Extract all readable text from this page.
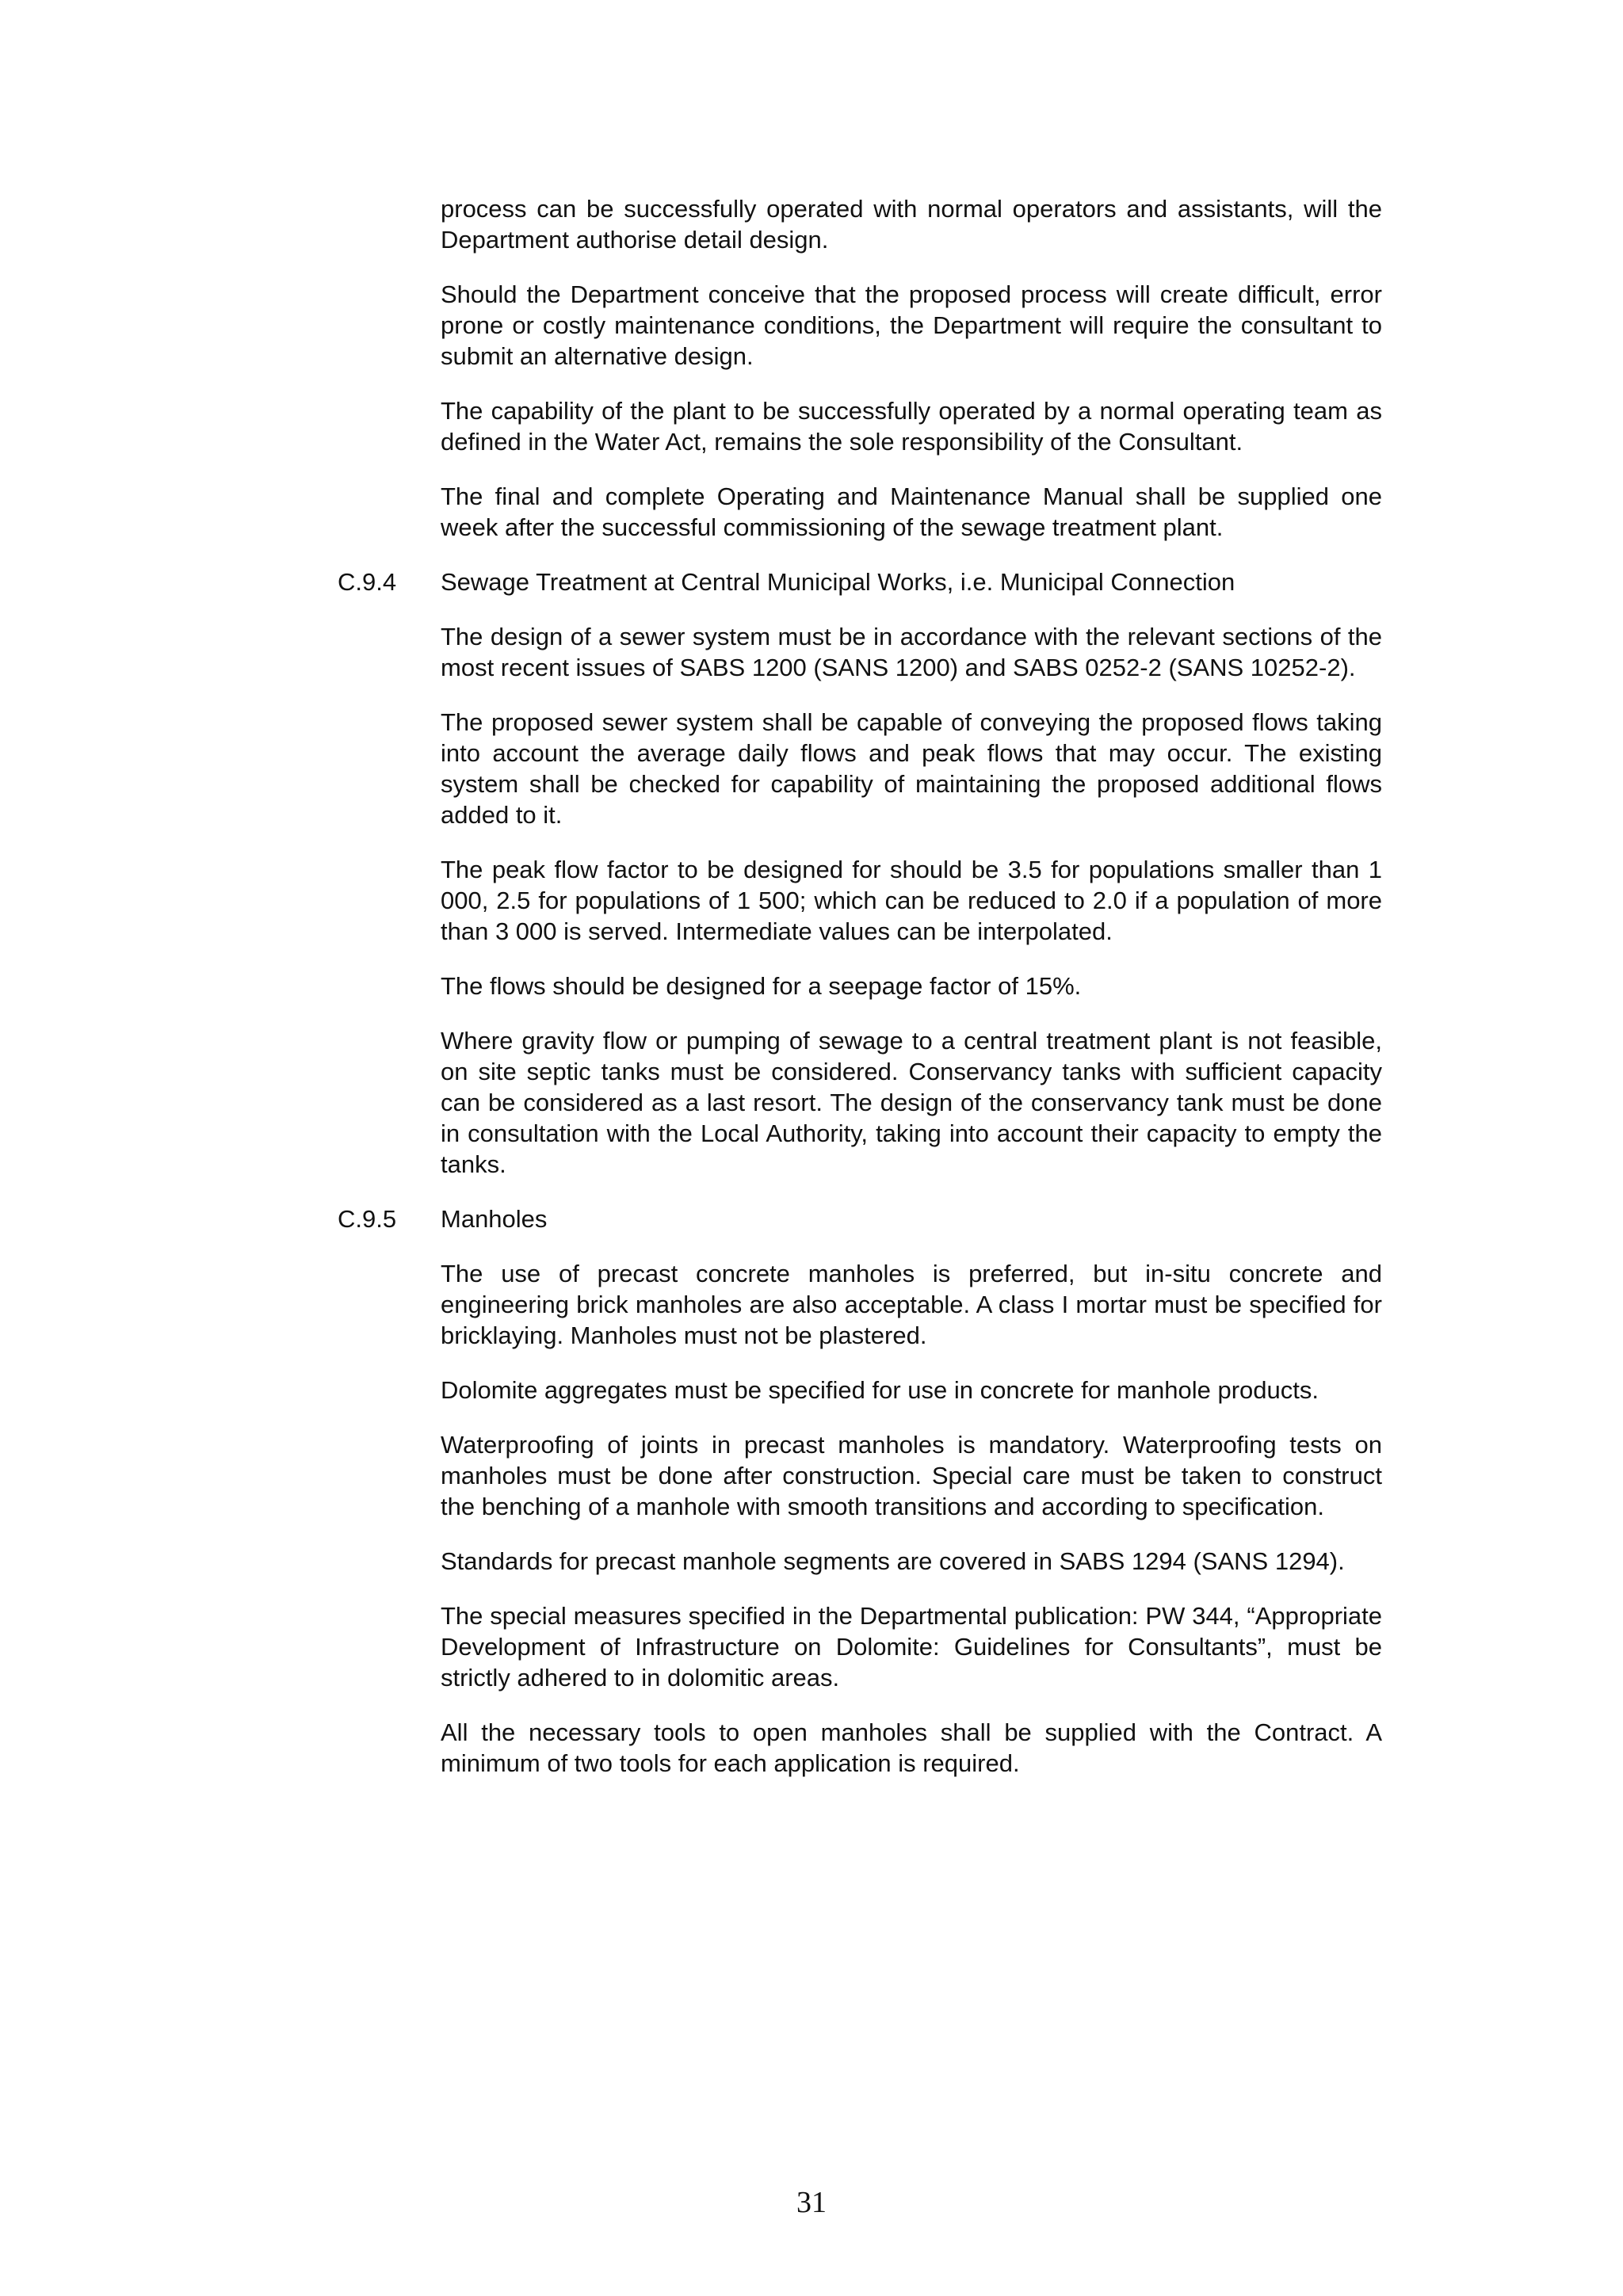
process can be successfully operated with normal operators and assistants, will the Department authorise detail design.

Should the Department conceive that the proposed process will create difficult, error prone or costly maintenance conditions, the Department will require the consultant to submit an alternative design.

The capability of the plant to be successfully operated by a normal operating team as defined in the Water Act, remains the sole responsibility of the Consultant.

The final and complete Operating and Maintenance Manual shall be supplied one week after the successful commissioning of the sewage treatment plant.

C.9.4 Sewage Treatment at Central Municipal Works, i.e. Municipal Connection

The design of a sewer system must be in accordance with the relevant sections of the most recent issues of SABS 1200 (SANS 1200) and SABS 0252-2 (SANS 10252-2).

The proposed sewer system shall be capable of conveying the proposed flows taking into account the average daily flows and peak flows that may occur. The existing system shall be checked for capability of maintaining the proposed additional flows added to it.

The peak flow factor to be designed for should be 3.5 for populations smaller than 1 000, 2.5 for populations of 1 500; which can be reduced to 2.0 if a population of more than 3 000 is served. Intermediate values can be interpolated.

The flows should be designed for a seepage factor of 15%.

Where gravity flow or pumping of sewage to a central treatment plant is not feasible, on site septic tanks must be considered. Conservancy tanks with sufficient capacity can be considered as a last resort. The design of the conservancy tank must be done in consultation with the Local Authority, taking into account their capacity to empty the tanks.

C.9.5 Manholes

The use of precast concrete manholes is preferred, but in-situ concrete and engineering brick manholes are also acceptable. A class I mortar must be specified for bricklaying. Manholes must not be plastered.

Dolomite aggregates must be specified for use in concrete for manhole products.

Waterproofing of joints in precast manholes is mandatory. Waterproofing tests on manholes must be done after construction. Special care must be taken to construct the benching of a manhole with smooth transitions and according to specification.

Standards for precast manhole segments are covered in SABS 1294 (SANS 1294).

The special measures specified in the Departmental publication: PW 344, “Appropriate Development of Infrastructure on Dolomite: Guidelines for Consultants”, must be strictly adhered to in dolomitic areas.

All the necessary tools to open manholes shall be supplied with the Contract. A minimum of two tools for each application is required.

31
